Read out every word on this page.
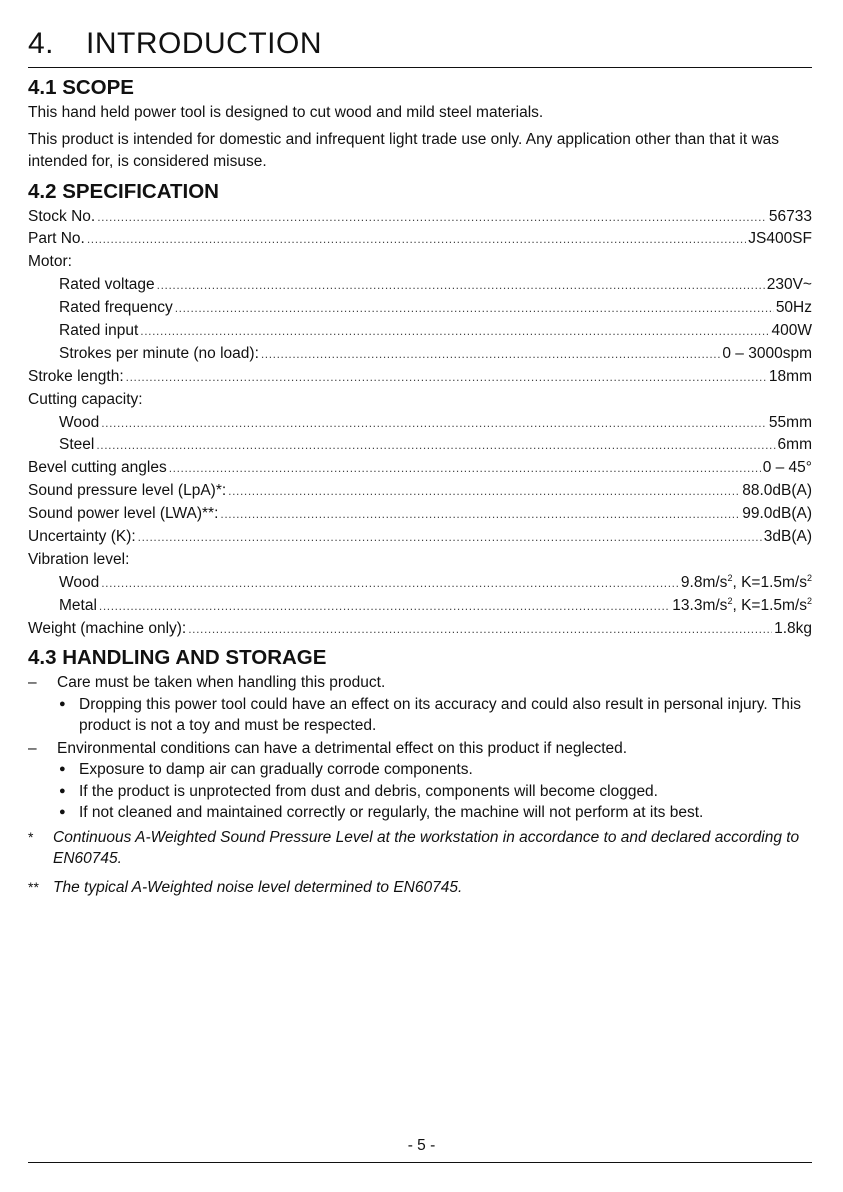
4.	INTRODUCTION
4.1 SCOPE
This hand held power tool is designed to cut wood and mild steel materials.
This product is intended for domestic and infrequent light trade use only. Any application other than that it was intended for, is considered misuse.
4.2 SPECIFICATION
Stock No. .....	56733
Part No. .....	JS400SF
Motor:
Rated voltage .....	230V~
Rated frequency .....	50Hz
Rated input .....	400W
Strokes per minute (no load): .....	0 – 3000spm
Stroke length: .....	18mm
Cutting capacity:
Wood .....	55mm
Steel .....	6mm
Bevel cutting angles .....	0 – 45°
Sound pressure level (LpA)*: .....	88.0dB(A)
Sound power level (LWA)**: .....	99.0dB(A)
Uncertainty (K): .....	3dB(A)
Vibration level:
Wood .....	$9.8m/s^2$, $K=1.5m/s^2$
Metal .....	$13.3m/s^2$, $K=1.5m/s^2$
Weight (machine only): .....	1.8kg
4.3 HANDLING AND STORAGE
–	Care must be taken when handling this product.
● Dropping this power tool could have an effect on its accuracy and could also result in personal injury. This product is not a toy and must be respected.
–	Environmental conditions can have a detrimental effect on this product if neglected.
● Exposure to damp air can gradually corrode components.
● If the product is unprotected from dust and debris, components will become clogged.
● If not cleaned and maintained correctly or regularly, the machine will not perform at its best.
*	Continuous A-Weighted Sound Pressure Level at the workstation in accordance to and declared according to EN60745.
** The typical A-Weighted noise level determined to EN60745.
- 5 -
